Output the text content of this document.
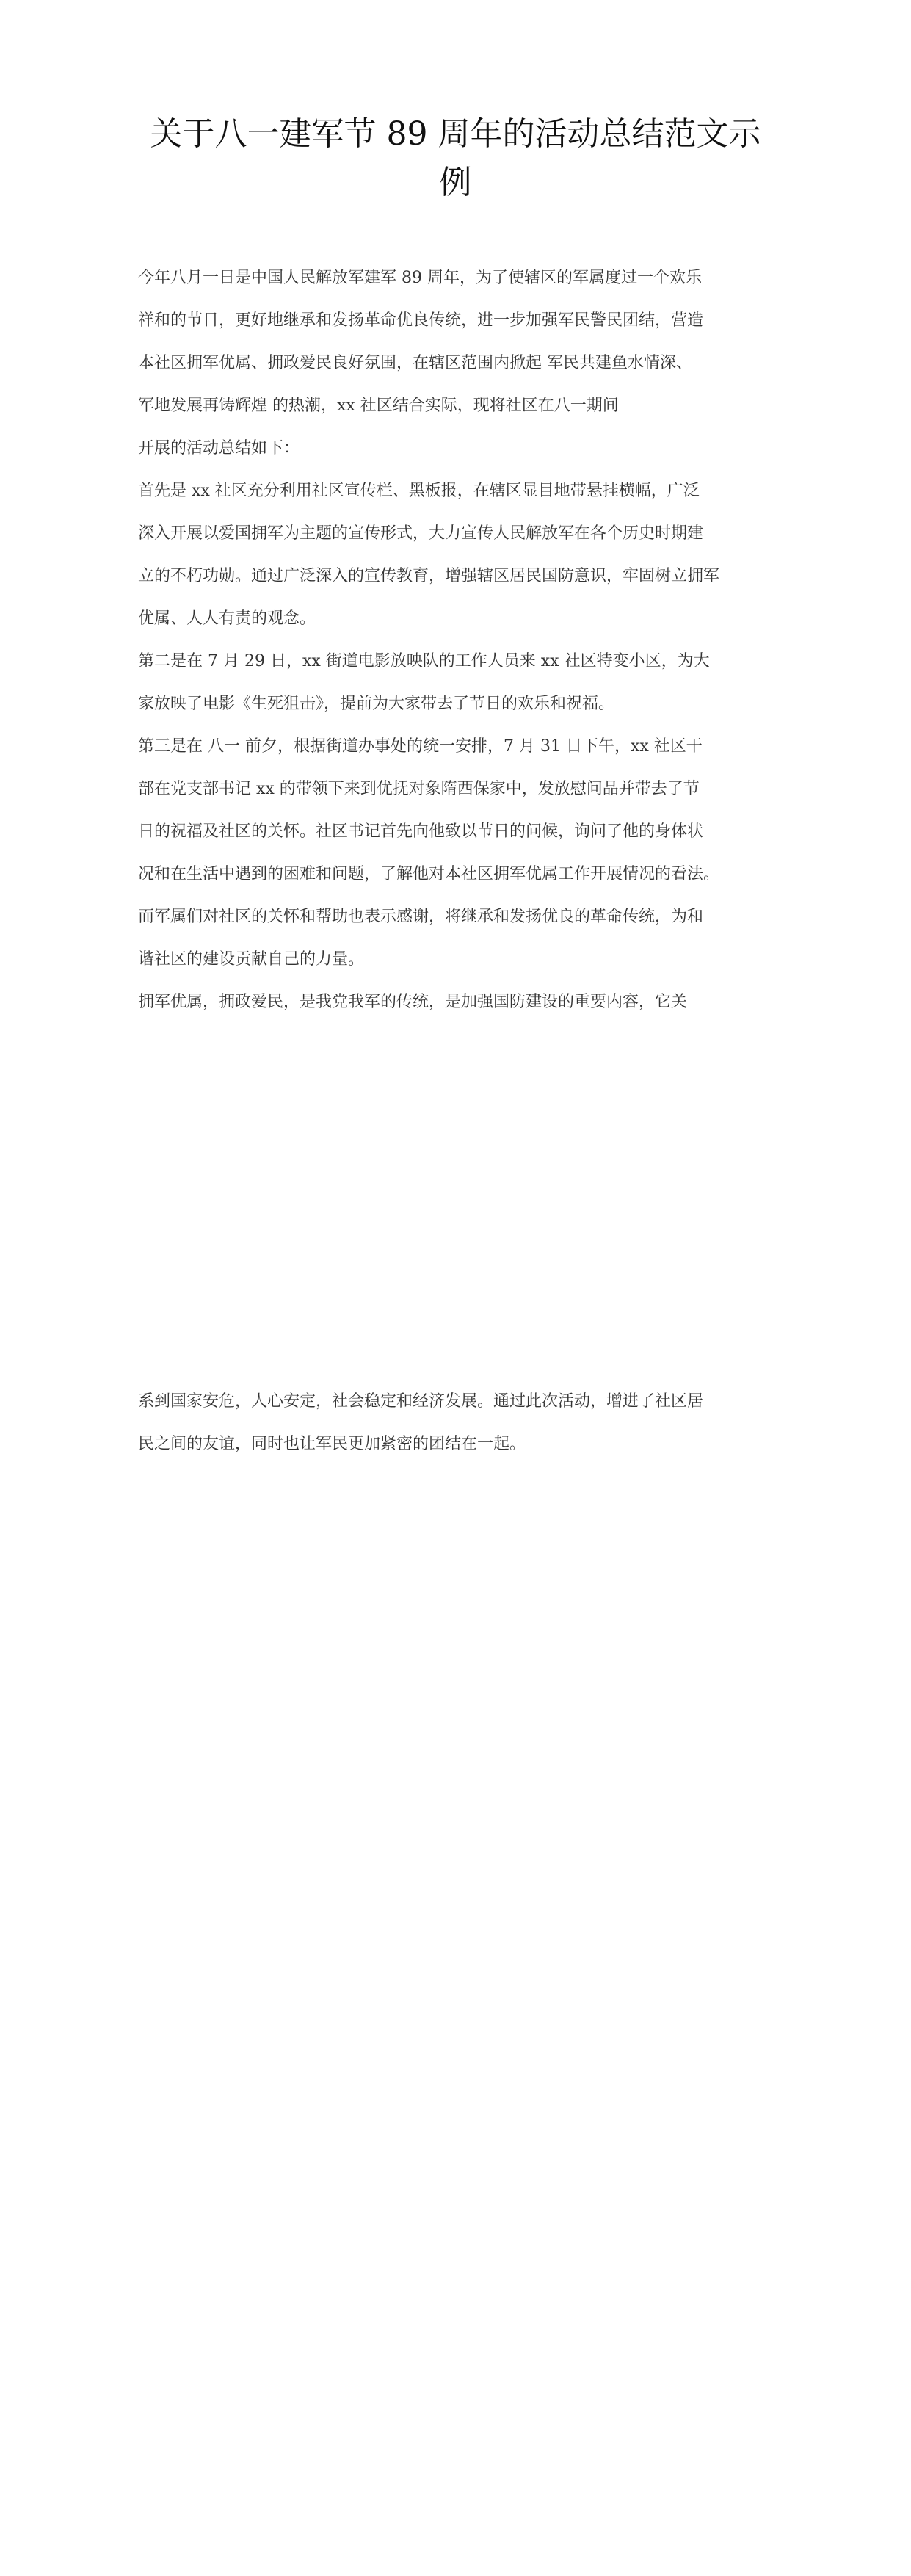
关于八一建军节 89 周年的活动总结范文示
例
今年八月一日是中国人民解放军建军 89 周年，为了使辖区的军属度过一个欢乐
祥和的节日，更好地继承和发扬革命优良传统，进一步加强军民警民团结，营造
本社区拥军优属、拥政爱民良好氛围，在辖区范围内掀起 军民共建鱼水情深、
军地发展再铸辉煌 的热潮，xx 社区结合实际，现将社区在八一期间
开展的活动总结如下：
首先是 xx 社区充分利用社区宣传栏、黑板报，在辖区显目地带悬挂横幅，广泛
深入开展以爱国拥军为主题的宣传形式，大力宣传人民解放军在各个历史时期建
立的不朽功勋。通过广泛深入的宣传教育，增强辖区居民国防意识，牢固树立拥军
优属、人人有责的观念。
第二是在 7 月 29 日，xx 街道电影放映队的工作人员来 xx 社区特变小区，为大
家放映了电影《生死狙击》，提前为大家带去了节日的欢乐和祝福。
第三是在 八一 前夕，根据街道办事处的统一安排，7 月 31 日下午，xx 社区干
部在党支部书记 xx 的带领下来到优抚对象隋西保家中，发放慰问品并带去了节
日的祝福及社区的关怀。社区书记首先向他致以节日的问候，询问了他的身体状
况和在生活中遇到的困难和问题，了解他对本社区拥军优属工作开展情况的看法。
而军属们对社区的关怀和帮助也表示感谢，将继承和发扬优良的革命传统，为和
谐社区的建设贡献自己的力量。
拥军优属，拥政爱民，是我党我军的传统，是加强国防建设的重要内容，它关
系到国家安危，人心安定，社会稳定和经济发展。通过此次活动，增进了社区居
民之间的友谊，同时也让军民更加紧密的团结在一起。
